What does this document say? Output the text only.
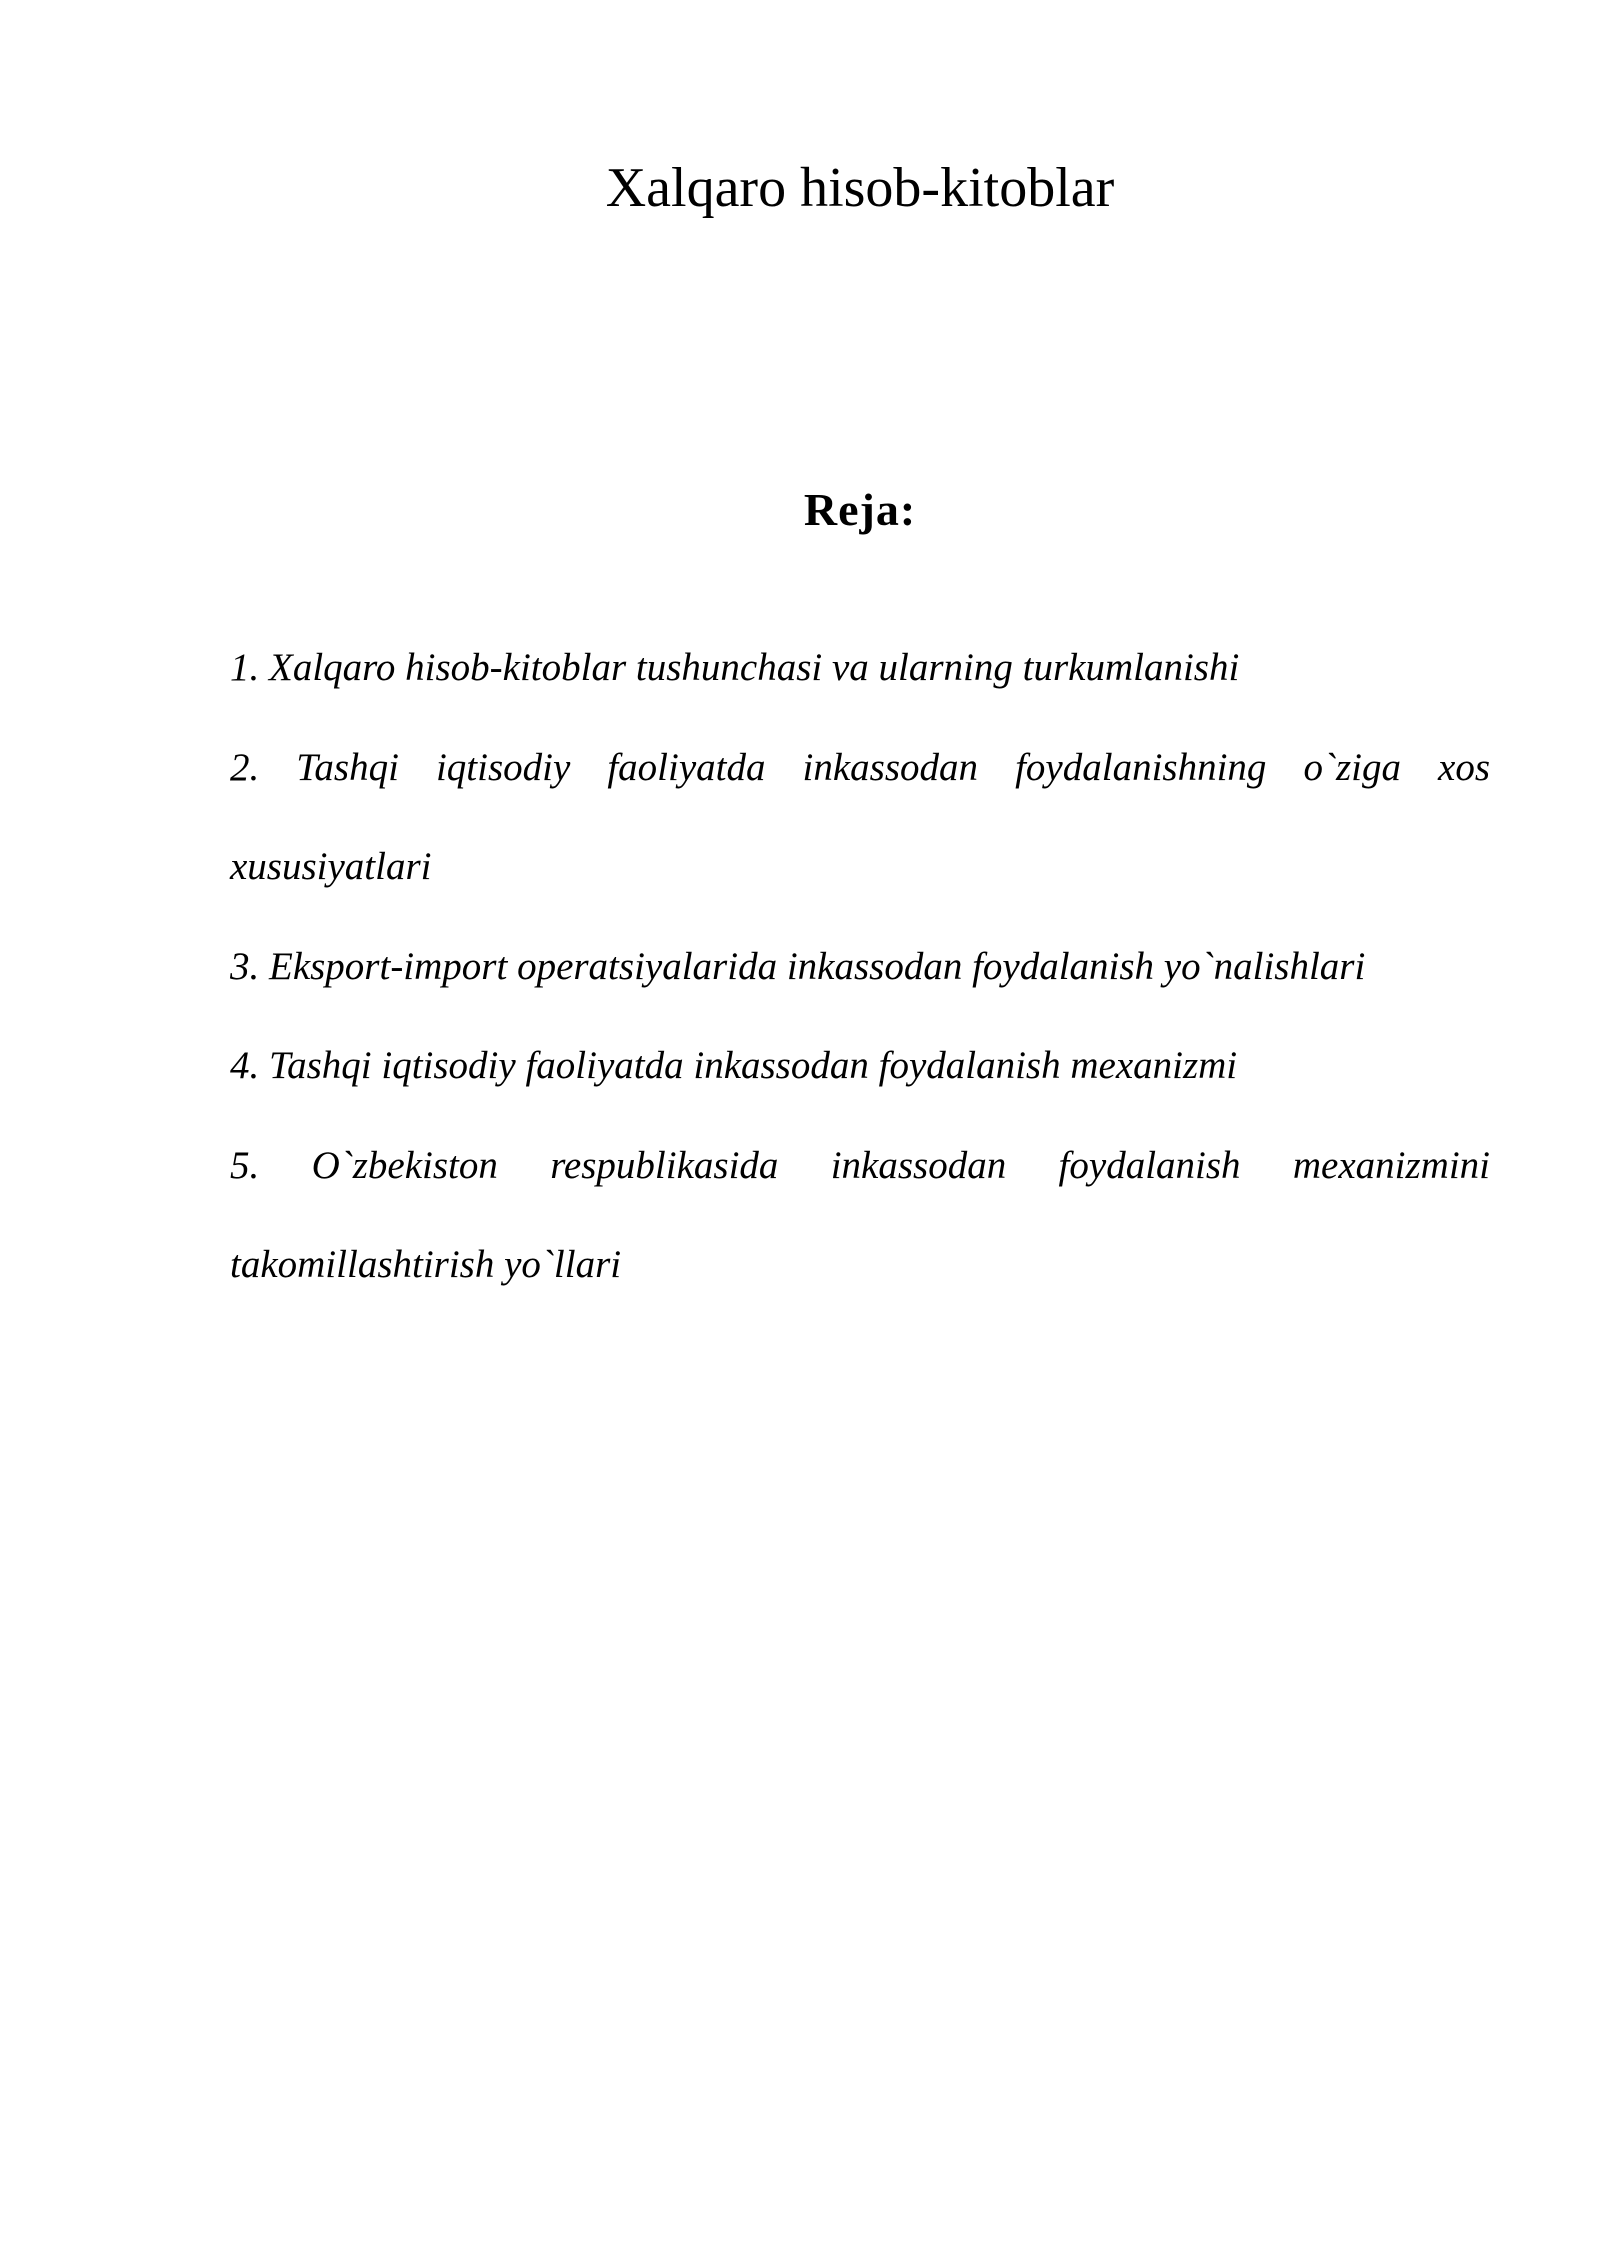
Xalqaro hisob-kitoblar
Reja:
1. Xalqaro hisob-kitoblar tushunchasi va ularning turkumlanishi
2. Tashqi iqtisodiy faoliyatda inkassodan foydalanishning o`ziga xos xususiyatlari
3. Eksport-import operatsiyalarida inkassodan foydalanish yo`nalishlari
4. Tashqi iqtisodiy faoliyatda inkassodan foydalanish mexanizmi
5. O`zbekiston respublikasida inkassodan foydalanish mexanizmini takomillashtirish yo`llari
